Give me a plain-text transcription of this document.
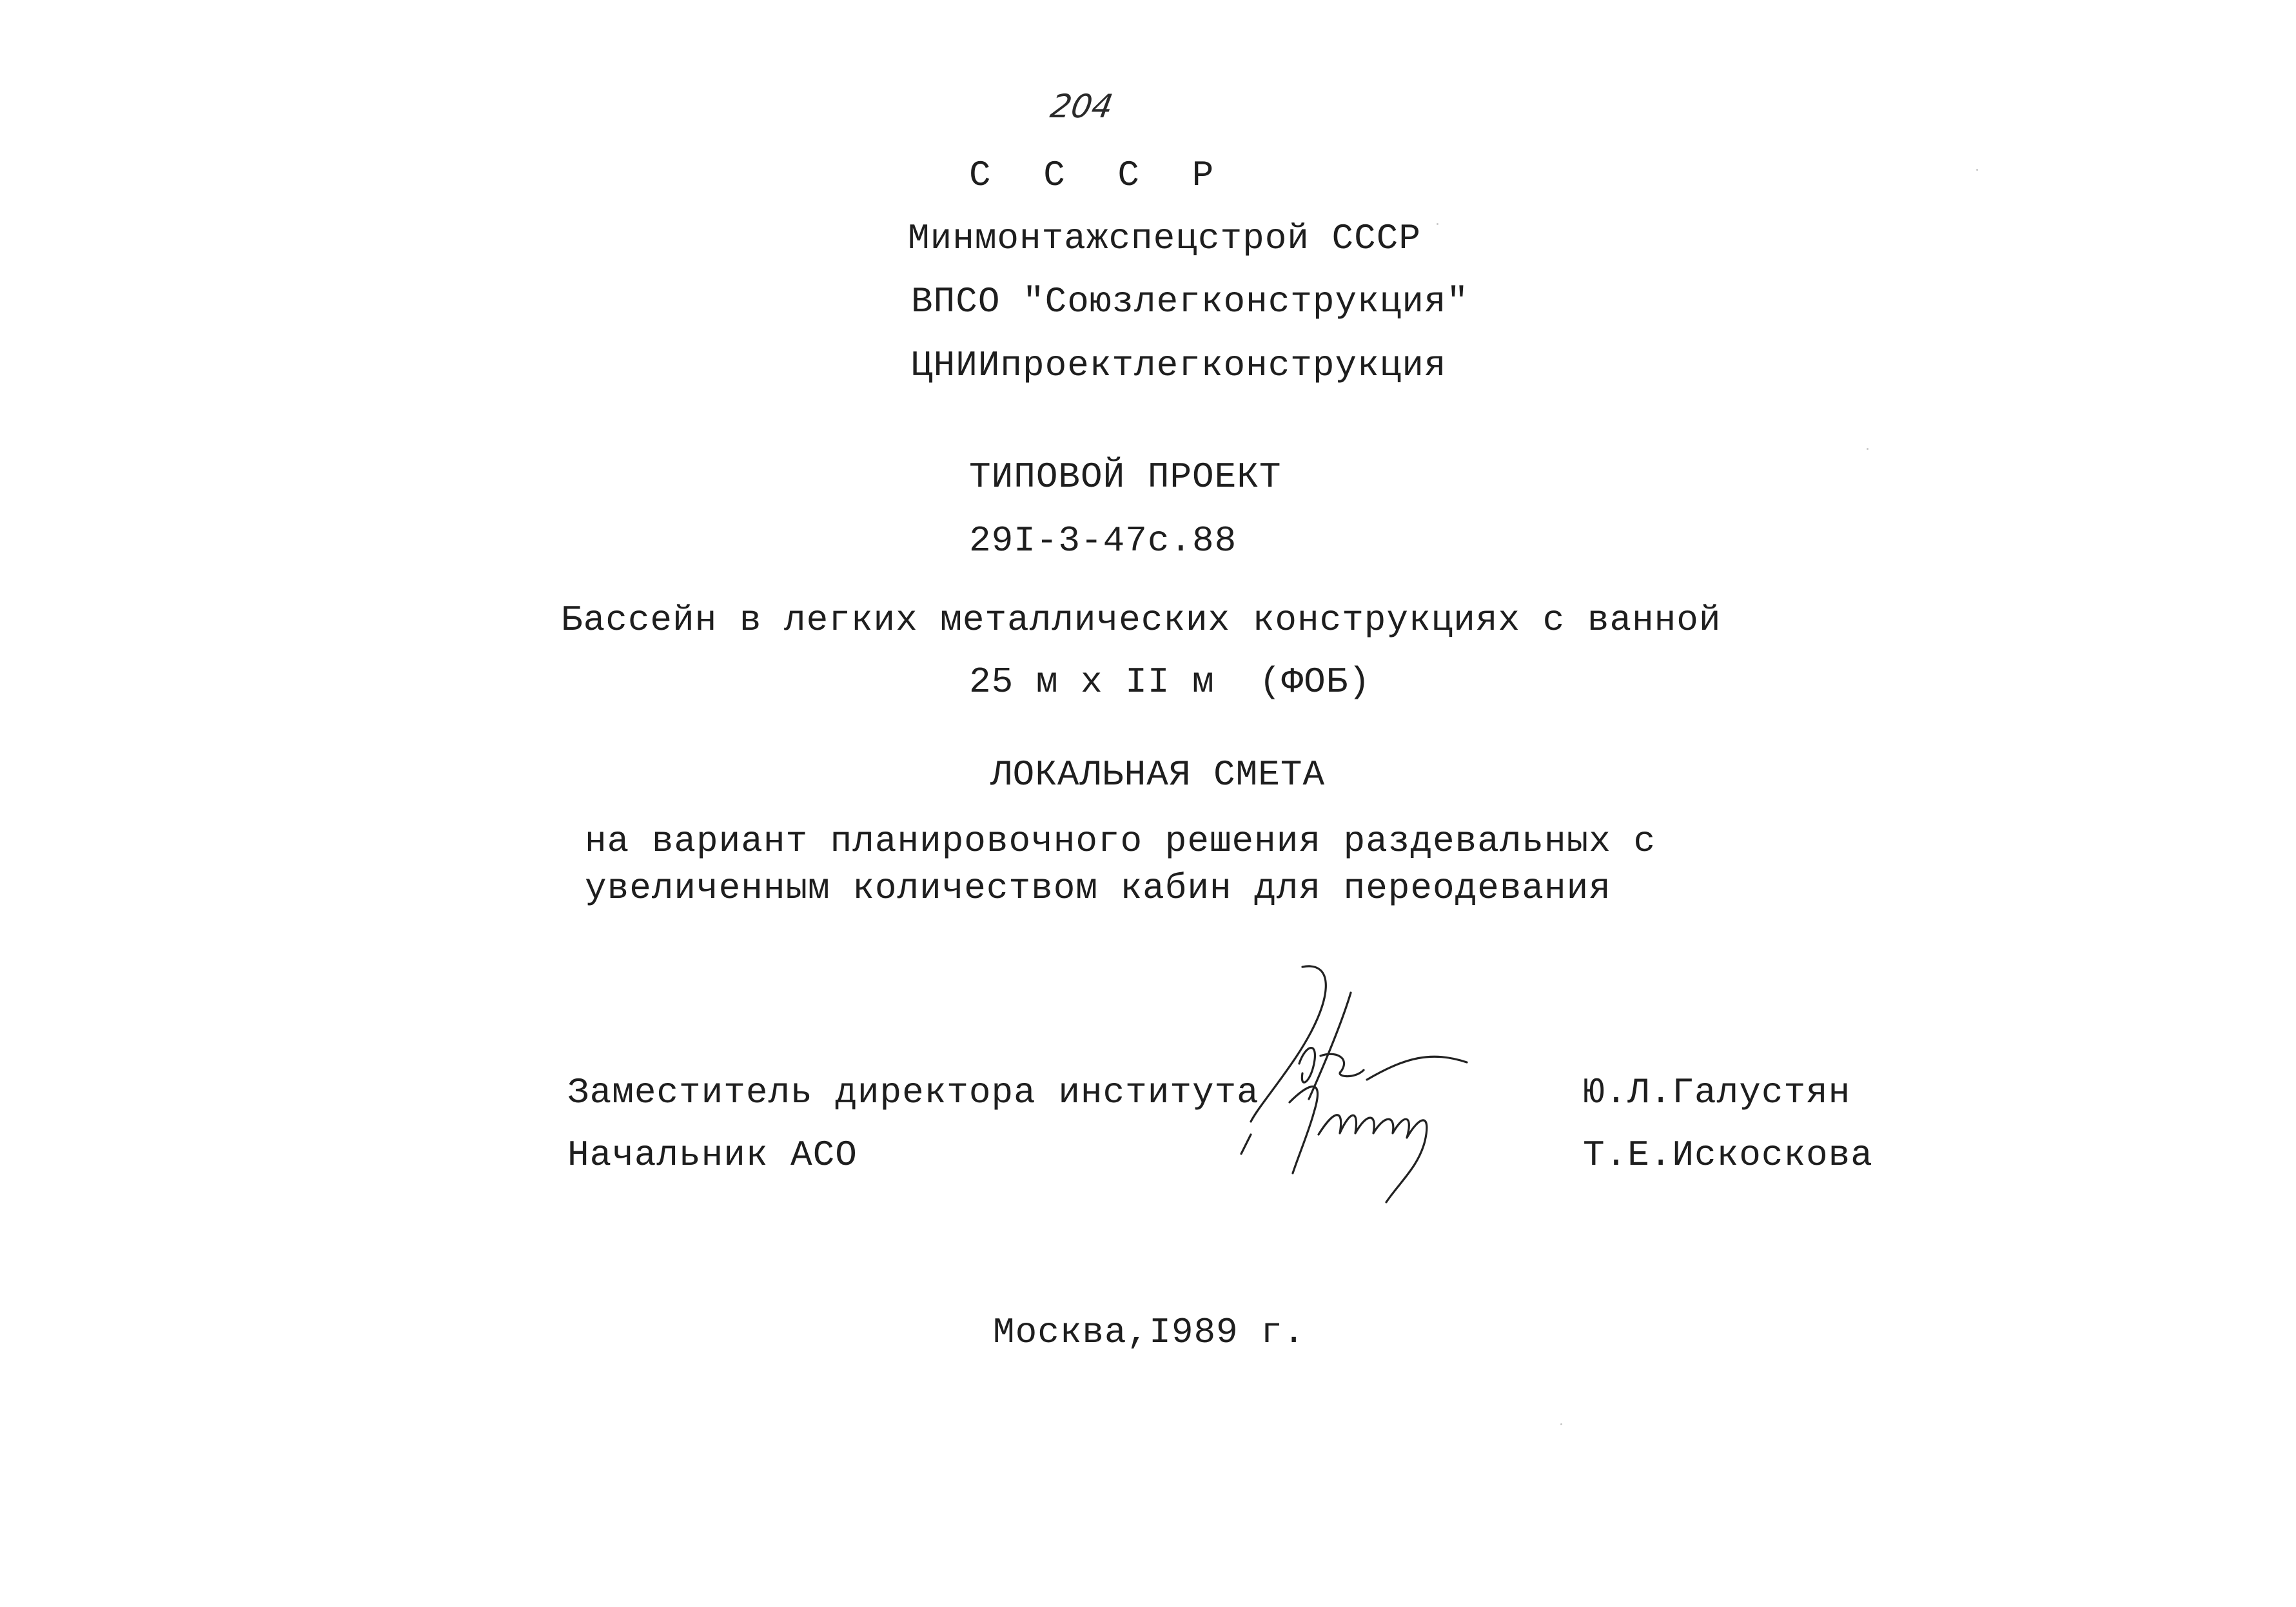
204
С С С Р
Минмонтажспецстрой СССР
ВПСО "Союзлегконструкция"
ЦНИИпроектлегконструкция
ТИПОВОЙ ПРОЕКТ
29I-3-47с.88
Бассейн в легких металлических конструкциях с ванной
25 м х II м  (ФОБ)
ЛОКАЛЬНАЯ СМЕТА
на вариант планировочного решения раздевальных с
увеличенным количеством кабин для переодевания
Заместитель директора института	Ю.Л.Галустян
Начальник АСО	Т.Е.Искоскова
Москва,I989 г.
